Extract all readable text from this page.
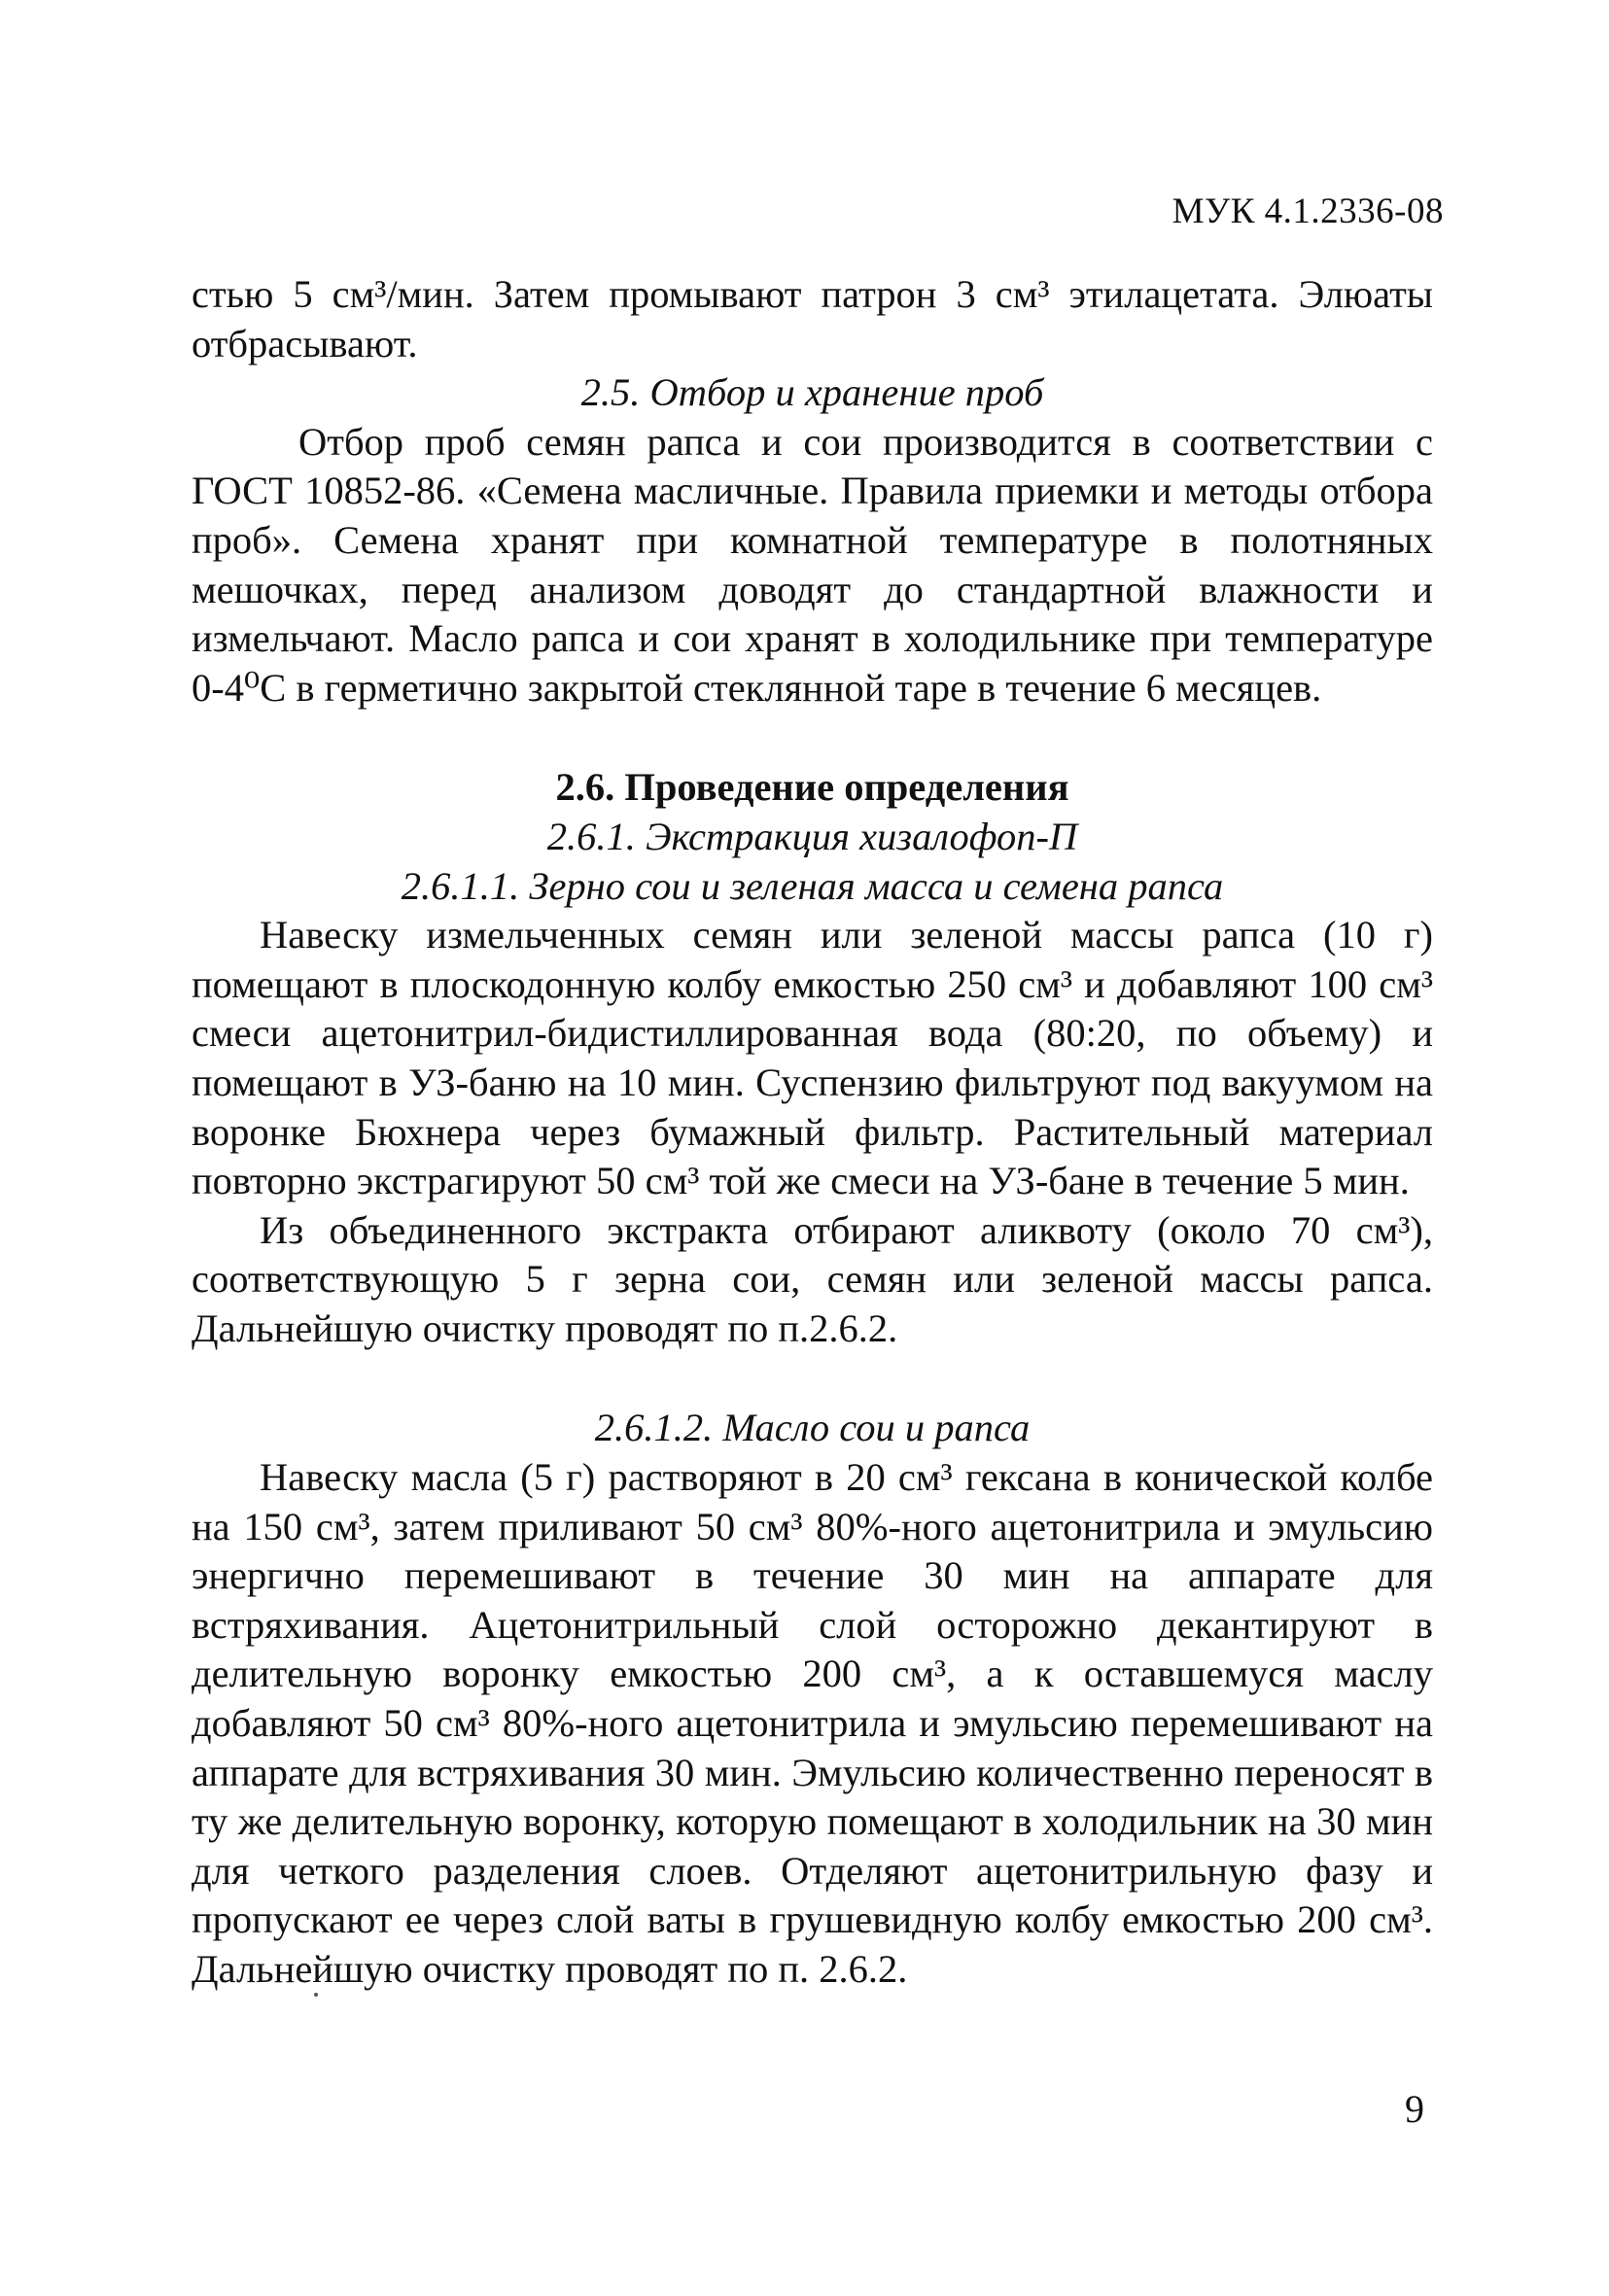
МУК 4.1.2336-08

стью 5 см³/мин. Затем промывают патрон 3 см³ этилацетата. Элюаты отбрасывают.

2.5. Отбор и хранение проб

Отбор проб семян рапса и сои производится в соответствии с ГОСТ 10852-86. «Семена масличные. Правила приемки и методы отбора проб». Семена хранят при комнатной температуре в полотняных мешочках, перед анализом доводят до стандартной влажности и измельчают. Масло рапса и сои хранят в холодильнике при температуре 0-4⁰С в герметично закрытой стеклянной таре в течение 6 месяцев.

2.6. Проведение определения

2.6.1. Экстракция хизалофоп-П

2.6.1.1. Зерно сои и зеленая масса и семена рапса

Навеску измельченных семян или зеленой массы рапса (10 г) помещают в плоскодонную колбу емкостью 250 см³ и добавляют 100 см³ смеси ацетонитрил-бидистиллированная вода (80:20, по объему) и помещают в УЗ-баню на 10 мин. Суспензию фильтруют под вакуумом на воронке Бюхнера через бумажный фильтр. Растительный материал повторно экстрагируют 50 см³ той же смеси на УЗ-бане в течение 5 мин.

Из объединенного экстракта отбирают аликвоту (около 70 см³), соответствующую 5 г зерна сои, семян или зеленой массы рапса. Дальнейшую очистку проводят по п.2.6.2.

2.6.1.2. Масло сои и рапса

Навеску масла (5 г) растворяют в 20 см³ гексана в конической колбе на 150 см³, затем приливают 50 см³ 80%-ного ацетонитрила и эмульсию энергично перемешивают в течение 30 мин на аппарате для встряхивания. Ацетонитрильный слой осторожно декантируют в делительную воронку емкостью 200 см³, а к оставшемуся маслу добавляют 50 см³ 80%-ного ацетонитрила и эмульсию перемешивают на аппарате для встряхивания 30 мин. Эмульсию количественно переносят в ту же делительную воронку, которую помещают в холодильник на 30 мин для четкого разделения слоев. Отделяют ацетонитрильную фазу и пропускают ее через слой ваты в грушевидную колбу емкостью 200 см³. Дальнейшую очистку проводят по п. 2.6.2.

9
